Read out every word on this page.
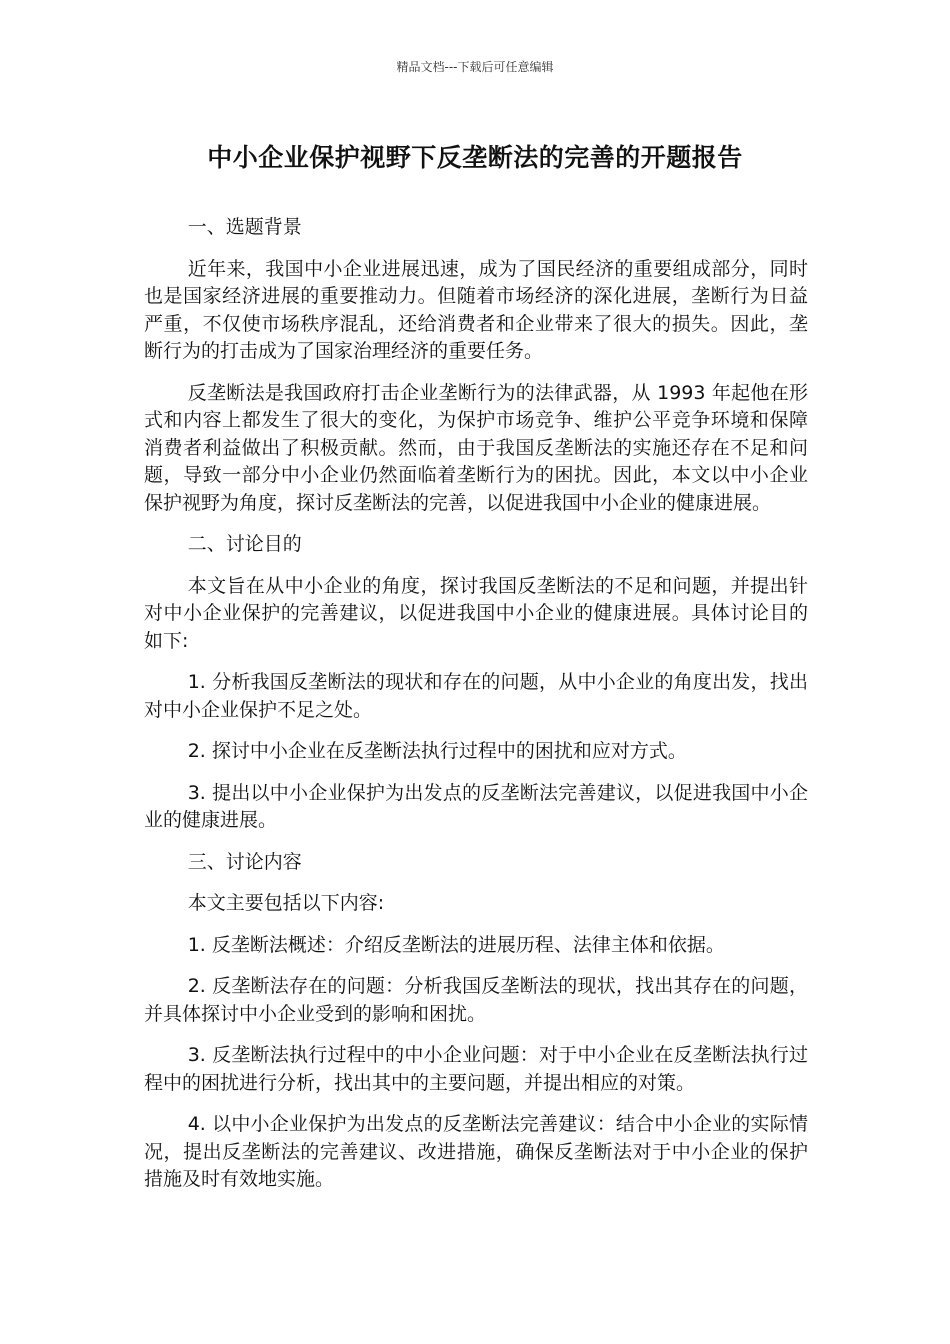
精品文档---下载后可任意编辑
中小企业保护视野下反垄断法的完善的开题报告

一、选题背景

近年来，我国中小企业进展迅速，成为了国民经济的重要组成部分，同时也是国家经济进展的重要推动力。但随着市场经济的深化进展，垄断行为日益严重，不仅使市场秩序混乱，还给消费者和企业带来了很大的损失。因此，垄断行为的打击成为了国家治理经济的重要任务。

反垄断法是我国政府打击企业垄断行为的法律武器，从 1993 年起他在形式和内容上都发生了很大的变化，为保护市场竞争、维护公平竞争环境和保障消费者利益做出了积极贡献。然而，由于我国反垄断法的实施还存在不足和问题，导致一部分中小企业仍然面临着垄断行为的困扰。因此，本文以中小企业保护视野为角度，探讨反垄断法的完善，以促进我国中小企业的健康进展。

二、讨论目的

本文旨在从中小企业的角度，探讨我国反垄断法的不足和问题，并提出针对中小企业保护的完善建议，以促进我国中小企业的健康进展。具体讨论目的如下:

1. 分析我国反垄断法的现状和存在的问题，从中小企业的角度出发，找出对中小企业保护不足之处。

2. 探讨中小企业在反垄断法执行过程中的困扰和应对方式。

3. 提出以中小企业保护为出发点的反垄断法完善建议，以促进我国中小企业的健康进展。

三、讨论内容

本文主要包括以下内容:

1. 反垄断法概述：介绍反垄断法的进展历程、法律主体和依据。

2. 反垄断法存在的问题：分析我国反垄断法的现状，找出其存在的问题，并具体探讨中小企业受到的影响和困扰。

3. 反垄断法执行过程中的中小企业问题：对于中小企业在反垄断法执行过程中的困扰进行分析，找出其中的主要问题，并提出相应的对策。

4. 以中小企业保护为出发点的反垄断法完善建议：结合中小企业的实际情况，提出反垄断法的完善建议、改进措施，确保反垄断法对于中小企业的保护措施及时有效地实施。
